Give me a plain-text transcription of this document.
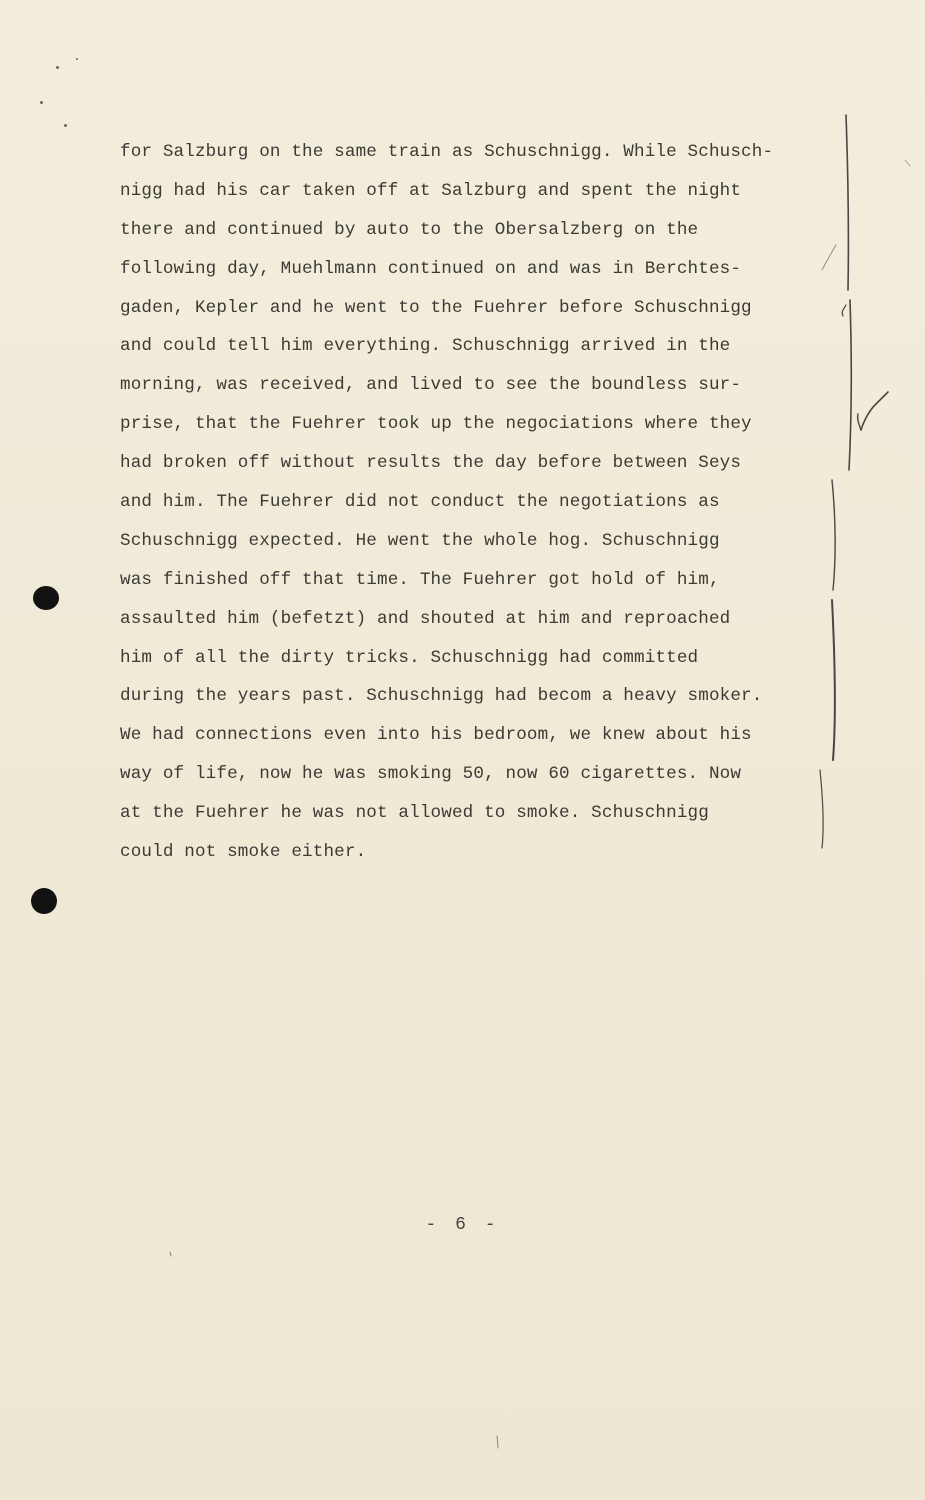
for Salzburg on the same train as Schuschnigg. While Schusch-
nigg had his car taken off at Salzburg and spent the night
there and continued by auto to the Obersalzberg on the
following day, Muehlmann continued on and was in Berchtes-
gaden, Kepler and he went to the Fuehrer before Schuschnigg
and could tell him everything. Schuschnigg arrived in the
morning, was received, and lived to see the boundless sur-
prise, that the Fuehrer took up the negociations where they
had broken off without results the day before between Seys
and him. The Fuehrer did not conduct the negotiations as
Schuschnigg expected. He went the whole hog. Schuschnigg
was finished off that time. The Fuehrer got hold of him,
assaulted him (befetzt) and shouted at him and reproached
him of all the dirty tricks. Schuschnigg had committed
during the years past. Schuschnigg had becom a heavy smoker.
We had connections even into his bedroom, we knew about his
way of life, now he was smoking 50, now 60 cigarettes. Now
at the Fuehrer he was not allowed to smoke. Schuschnigg
could not smoke either.
- 6 -
